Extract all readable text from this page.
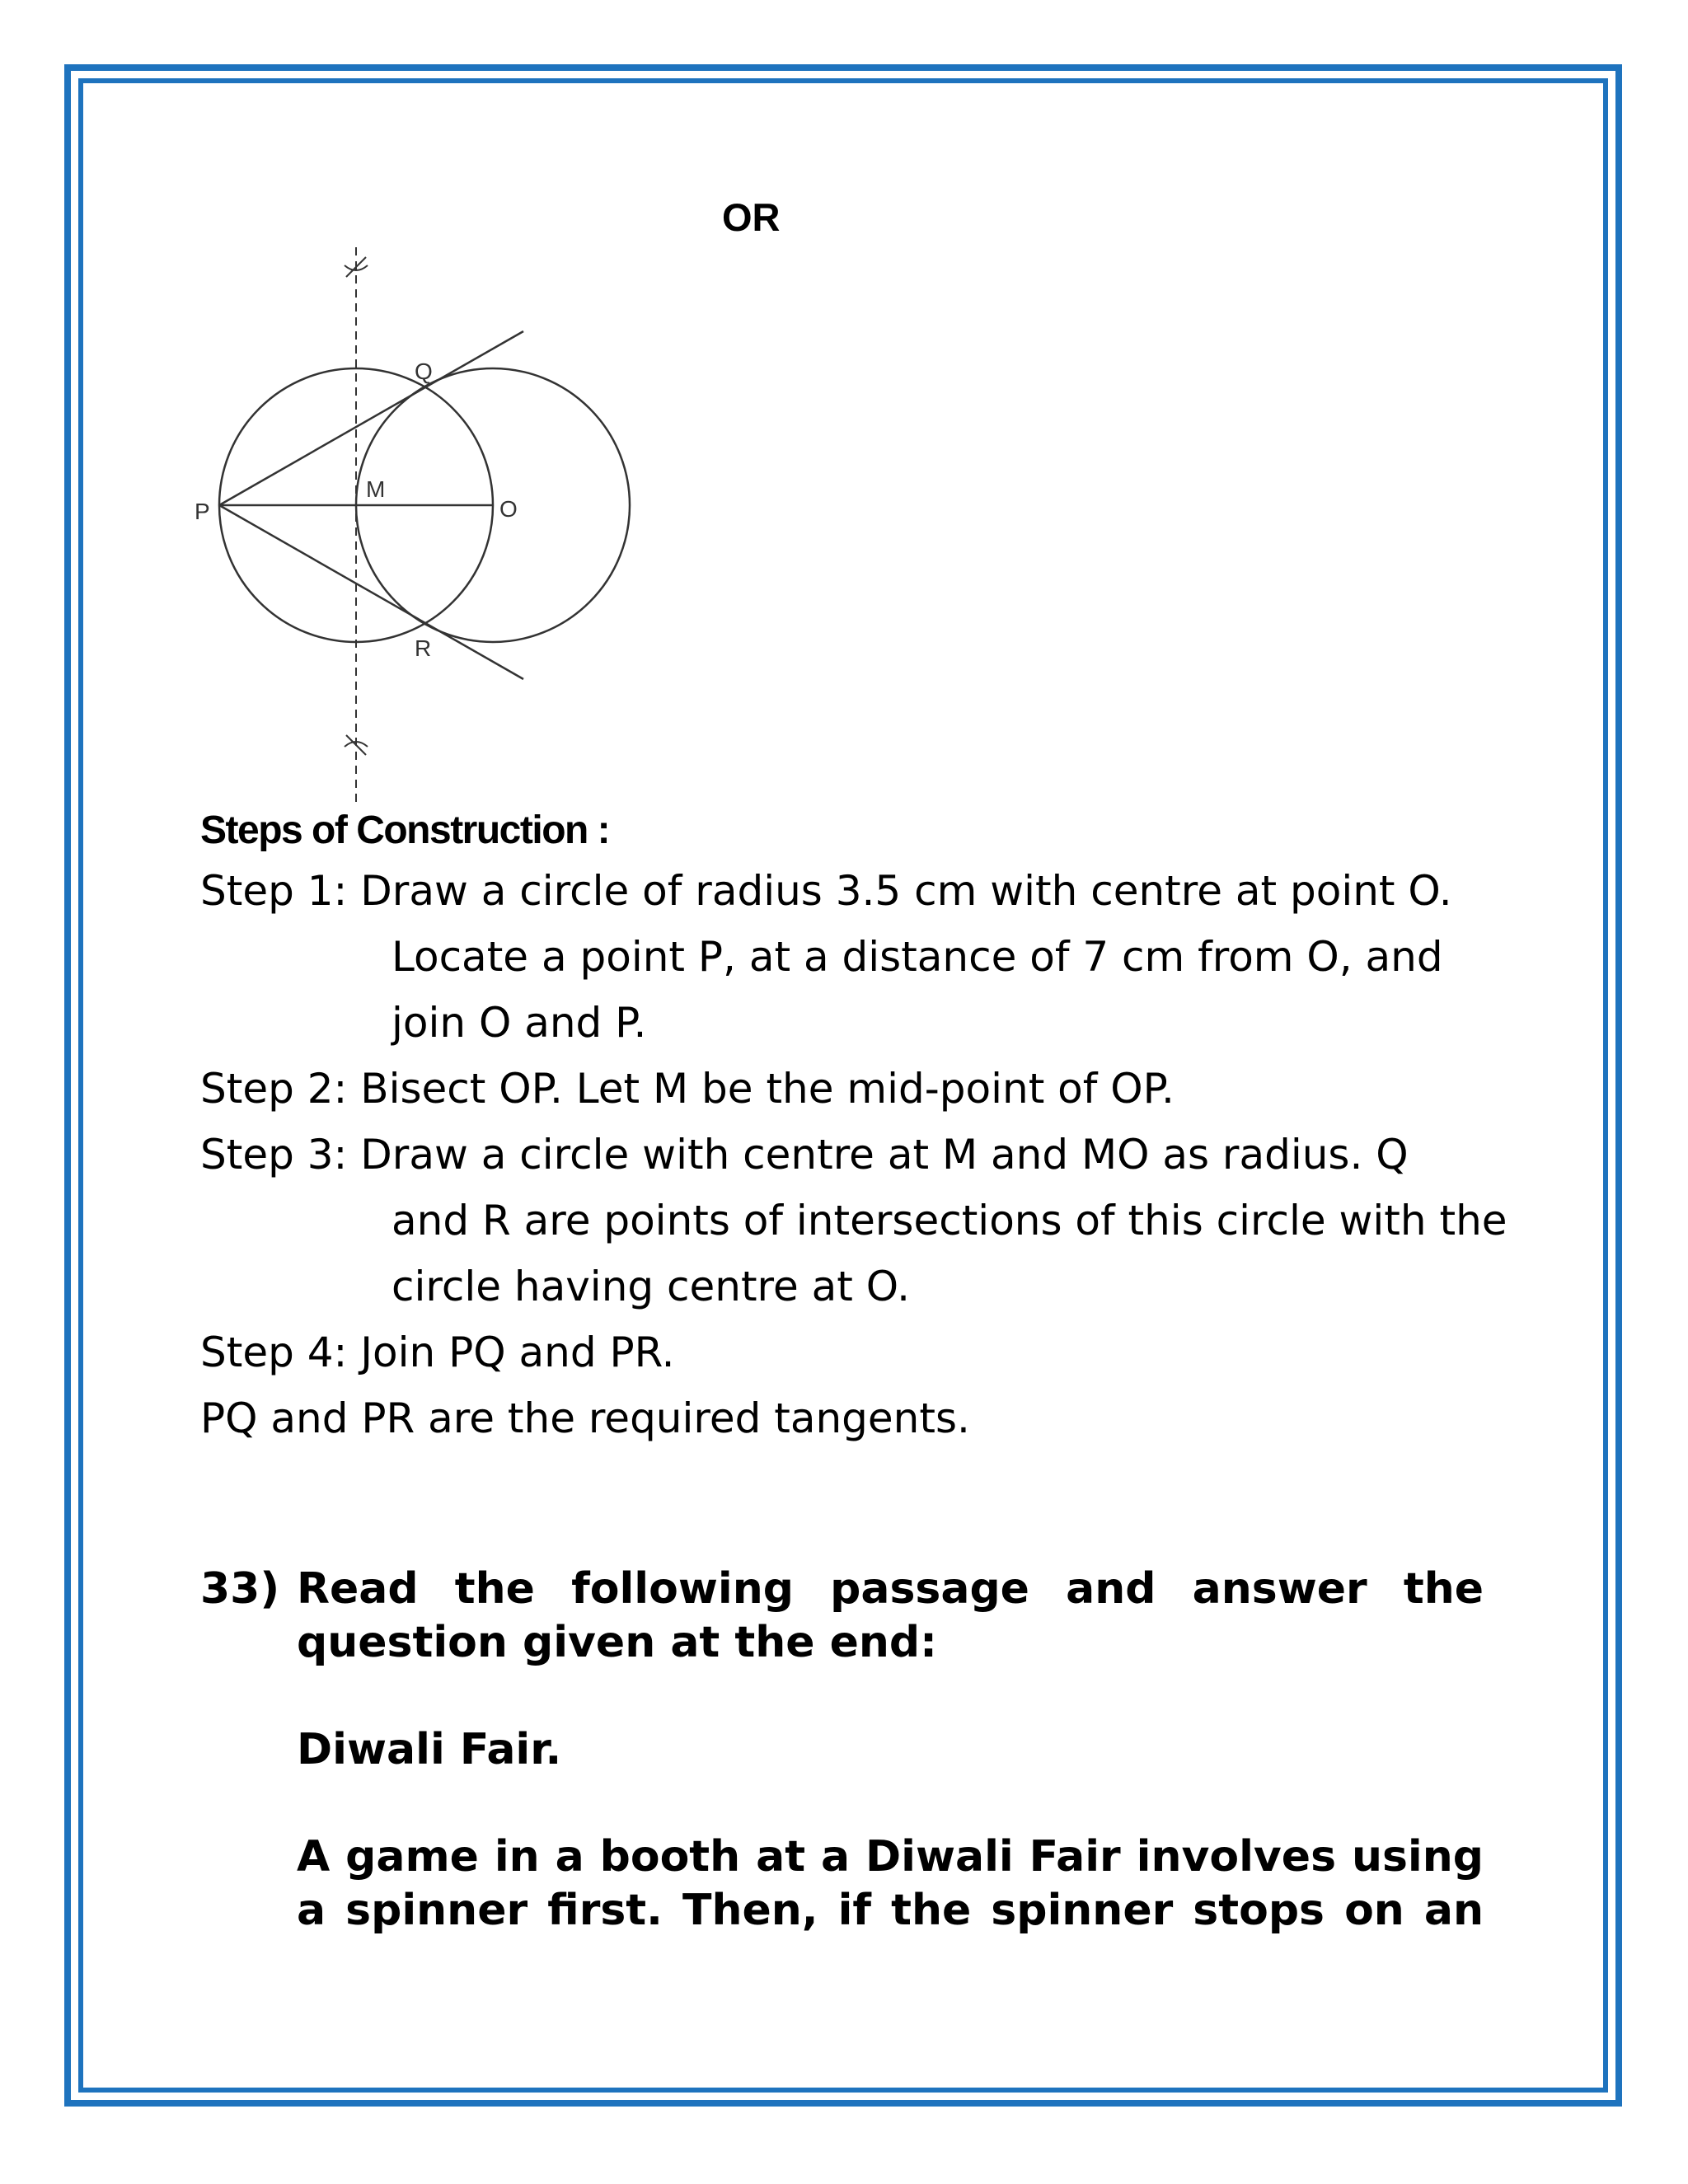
OR
P
M
O
Q
R
Steps of Construction :
Step 1: Draw a circle of radius 3.5 cm with centre at point O.
Locate a point P, at a distance of 7 cm from O, and
join O and P.
Step 2: Bisect OP. Let M be the mid-point of OP.
Step 3: Draw a circle with centre at M and MO as radius. Q
and R are points of intersections of this circle with the
circle having centre at O.
Step 4: Join PQ and PR.
PQ and PR are the required tangents.
33) Read the following passage and answer the
question given at the end:
Diwali Fair.
A game in a booth at a Diwali Fair involves using
a spinner first. Then, if the spinner stops on an
